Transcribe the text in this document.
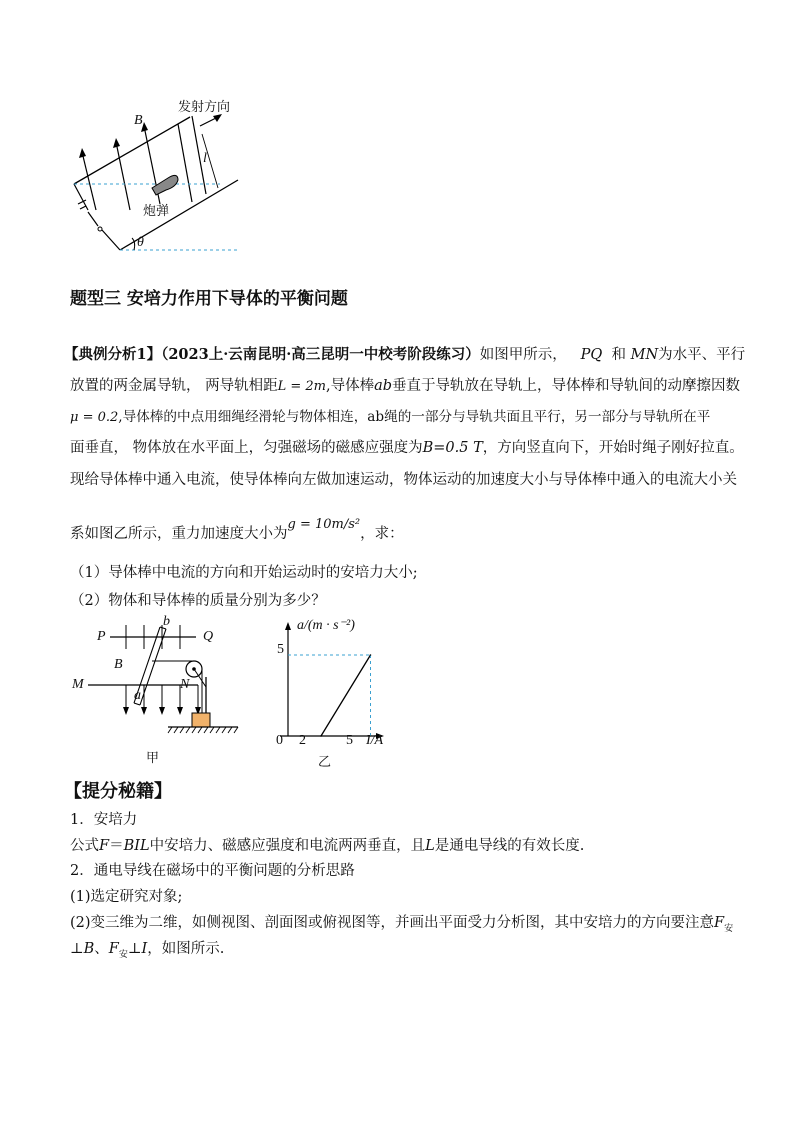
发射方向
B
l
炮弹
θ
题型三 安培力作用下导体的平衡问题
【典例分析1】（2023上·云南昆明·高三昆明一中校考阶段练习）如图甲所示， PQ 和 MN为水平、平行
放置的两金属导轨， 两导轨相距L = 2m,导体棒ab垂直于导轨放在导轨上，导体棒和导轨间的动摩擦因数
μ = 0.2,导体棒的中点用细绳经滑轮与物体相连，ab绳的一部分与导轨共面且平行，另一部分与导轨所在平
面垂直， 物体放在水平面上，匀强磁场的磁感应强度为B=0.5 T，方向竖直向下，开始时绳子刚好拉直。
现给导体棒中通入电流，使导体棒向左做加速运动，物体运动的加速度大小与导体棒中通入的电流大小关
系如图乙所示，重力加速度大小为g = 10m/s²，求：
（1）导体棒中电流的方向和开始运动时的安培力大小;
（2）物体和导体棒的质量分别为多少？
P	Q
b
B
M	N
a
甲
a/(m · s⁻²)
5
0 2	5 I/A
乙
【提分秘籍】
1．安培力
公式F＝BIL中安培力、磁感应强度和电流两两垂直，且L是通电导线的有效长度.
2．通电导线在磁场中的平衡问题的分析思路
(1)选定研究对象;
(2)变三维为二维，如侧视图、剖面图或俯视图等，并画出平面受力分析图，其中安培力的方向要注意$F_安$
⊥B、$F_安\perp I$，如图所示.
